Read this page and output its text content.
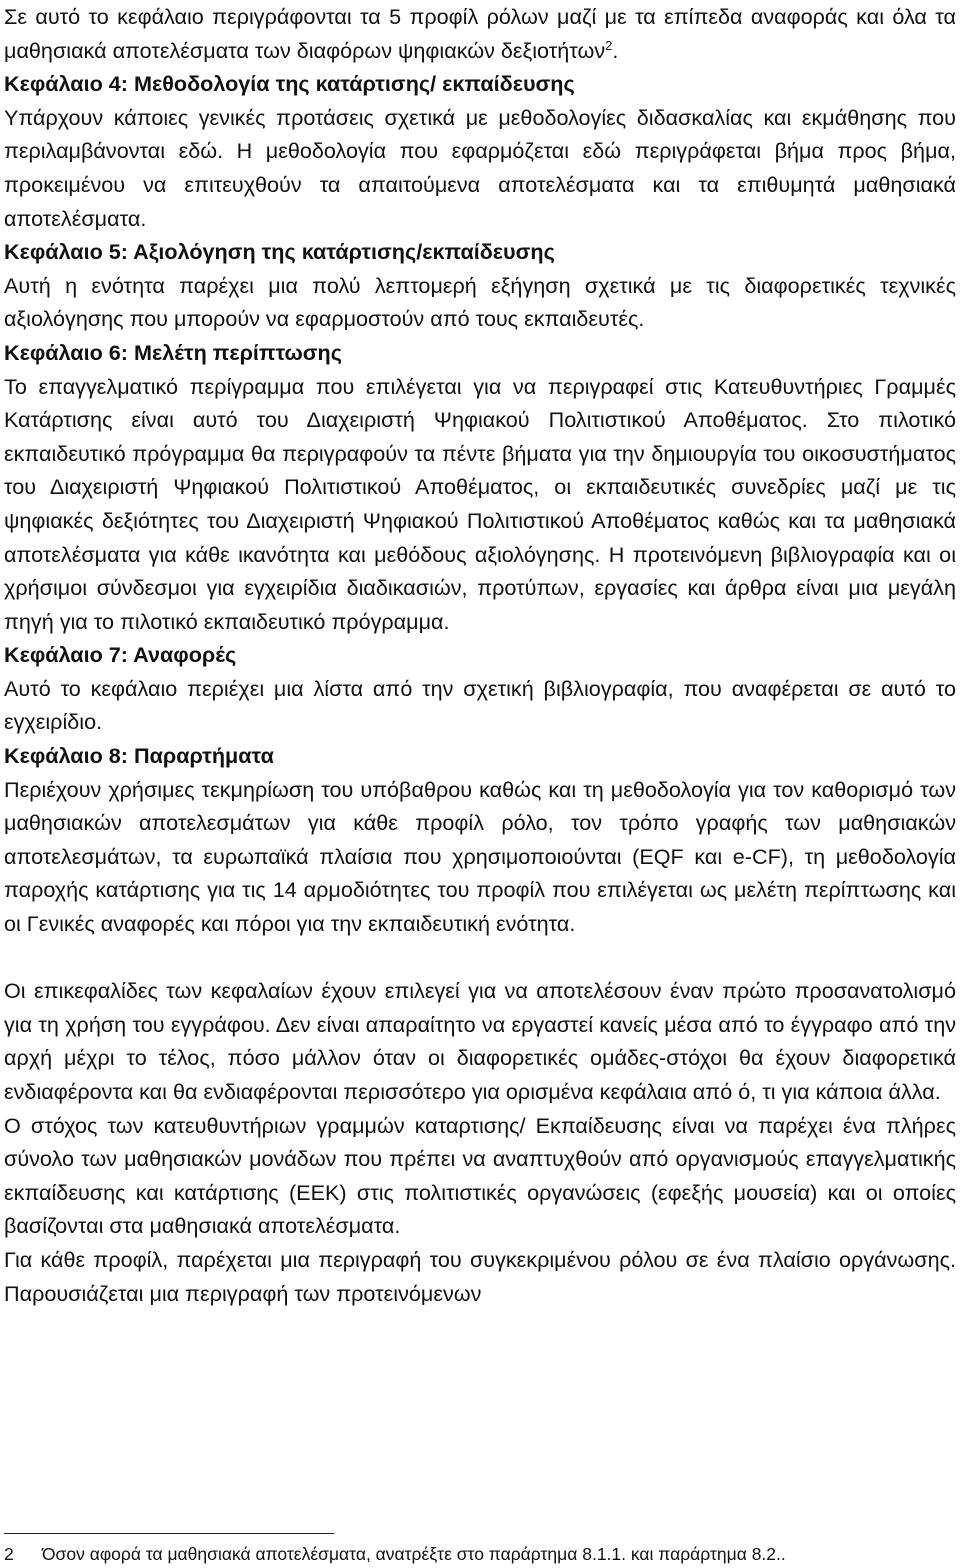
Σε αυτό το κεφάλαιο περιγράφονται τα 5 προφίλ ρόλων μαζί με τα επίπεδα αναφοράς και όλα τα μαθησιακά αποτελέσματα των διαφόρων ψηφιακών δεξιοτήτων$^2$.

Κεφάλαιο 4: Μεθοδολογία της κατάρτισης/ εκπαίδευσης

Υπάρχουν κάποιες γενικές προτάσεις σχετικά με μεθοδολογίες διδασκαλίας και εκμάθησης που περιλαμβάνονται εδώ. Η μεθοδολογία που εφαρμόζεται εδώ περιγράφεται βήμα προς βήμα, προκειμένου να επιτευχθούν τα απαιτούμενα αποτελέσματα και τα επιθυμητά μαθησιακά αποτελέσματα.

Κεφάλαιο 5: Αξιολόγηση της κατάρτισης/εκπαίδευσης

Αυτή η ενότητα παρέχει μια πολύ λεπτομερή εξήγηση σχετικά με τις διαφορετικές τεχνικές αξιολόγησης που μπορούν να εφαρμοστούν από τους εκπαιδευτές.

Κεφάλαιο 6: Μελέτη περίπτωσης

Το επαγγελματικό περίγραμμα που επιλέγεται για να περιγραφεί στις Κατευθυντήριες Γραμμές Κατάρτισης είναι αυτό του Διαχειριστή Ψηφιακού Πολιτιστικού Αποθέματος. Στο πιλοτικό εκπαιδευτικό πρόγραμμα θα περιγραφούν τα πέντε βήματα για την δημιουργία του οικοσυστήματος του Διαχειριστή Ψηφιακού Πολιτιστικού Αποθέματος, οι εκπαιδευτικές συνεδρίες μαζί με τις ψηφιακές δεξιότητες του Διαχειριστή Ψηφιακού Πολιτιστικού Αποθέματος καθώς και τα μαθησιακά αποτελέσματα για κάθε ικανότητα και μεθόδους αξιολόγησης. Η προτεινόμενη βιβλιογραφία και οι χρήσιμοι σύνδεσμοι για εγχειρίδια διαδικασιών, προτύπων, εργασίες και άρθρα είναι μια μεγάλη πηγή για το πιλοτικό εκπαιδευτικό πρόγραμμα.

Κεφάλαιο 7: Αναφορές

Αυτό το κεφάλαιο περιέχει μια λίστα από την σχετική βιβλιογραφία, που αναφέρεται σε αυτό το εγχειρίδιο.

Κεφάλαιο 8: Παραρτήματα

Περιέχουν χρήσιμες τεκμηρίωση του υπόβαθρου καθώς και τη μεθοδολογία για τον καθορισμό των μαθησιακών αποτελεσμάτων για κάθε προφίλ ρόλο, τον τρόπο γραφής των μαθησιακών αποτελεσμάτων, τα ευρωπαϊκά πλαίσια που χρησιμοποιούνται (EQF και e-CF), τη μεθοδολογία παροχής κατάρτισης για τις 14 αρμοδιότητες του προφίλ που επιλέγεται ως μελέτη περίπτωσης και οι Γενικές αναφορές και πόροι για την εκπαιδευτική ενότητα.

Οι επικεφαλίδες των κεφαλαίων έχουν επιλεγεί για να αποτελέσουν έναν πρώτο προσανατολισμό για τη χρήση του εγγράφου. Δεν είναι απαραίτητο να εργαστεί κανείς μέσα από το έγγραφο από την αρχή μέχρι το τέλος, πόσο μάλλον όταν οι διαφορετικές ομάδες-στόχοι θα έχουν διαφορετικά ενδιαφέροντα και θα ενδιαφέρονται περισσότερο για ορισμένα κεφάλαια από ό, τι για κάποια άλλα.

Ο στόχος των κατευθυντήριων γραμμών καταρτισης/ Εκπαίδευσης είναι να παρέχει ένα πλήρες σύνολο των μαθησιακών μονάδων που πρέπει να αναπτυχθούν από οργανισμούς επαγγελματικής εκπαίδευσης και κατάρτισης (ΕΕΚ) στις πολιτιστικές οργανώσεις (εφεξής μουσεία) και οι οποίες βασίζονται στα μαθησιακά αποτελέσματα.

Για κάθε προφίλ, παρέχεται μια περιγραφή του συγκεκριμένου ρόλου σε ένα πλαίσιο οργάνωσης. Παρουσιάζεται μια περιγραφή των προτεινόμενων

2 Όσον αφορά τα μαθησιακά αποτελέσματα, ανατρέξτε στο παράρτημα 8.1.1. και παράρτημα 8.2..
